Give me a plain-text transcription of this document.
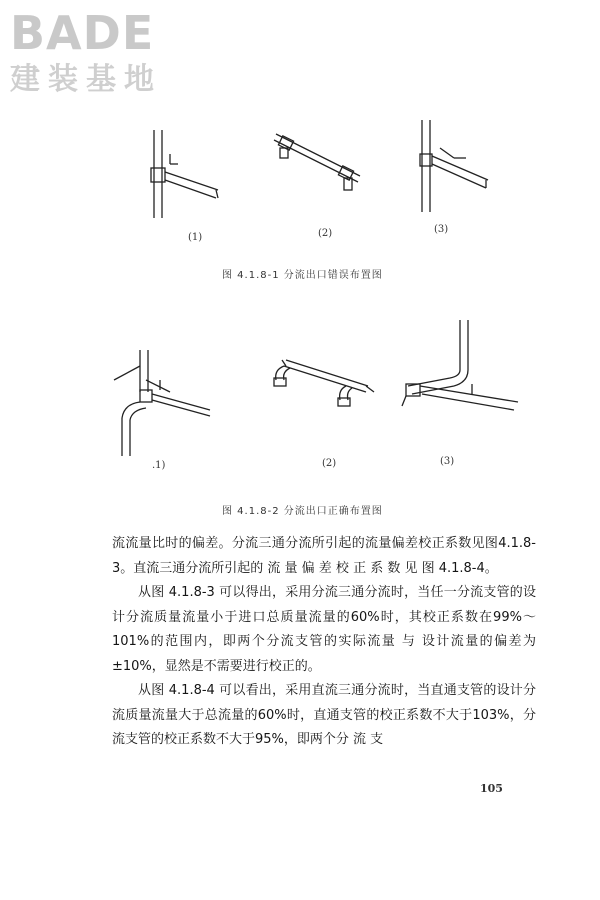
BADE
建装基地
(1)	(2)	(3)
图 4.1.8-1 分流出口错误布置图
.1)	(2)	(3)
图 4.1.8-2 分流出口正确布置图

流流量比时的偏差。分流三通分流所引起的流量偏差校正系数见图4.1.8-3。直流三通分流所引起的 流 量 偏 差 校 正 系 数 见 图 4.1.8-4。

从图 4.1.8-3 可以得出，采用分流三通分流时，当任一分流支管的设计分流质量流量小于进口总质量流量的60%时，其校正系数在99%～101%的范围内，即两个分流支管的实际流量 与 设计流量的偏差为±10%，显然是不需要进行校正的。

从图 4.1.8-4 可以看出，采用直流三通分流时，当直通支管的设计分流质量流量大于总流量的60%时，直通支管的校正系数不大于103%，分流支管的校正系数不大于95%，即两个分 流 支

105
